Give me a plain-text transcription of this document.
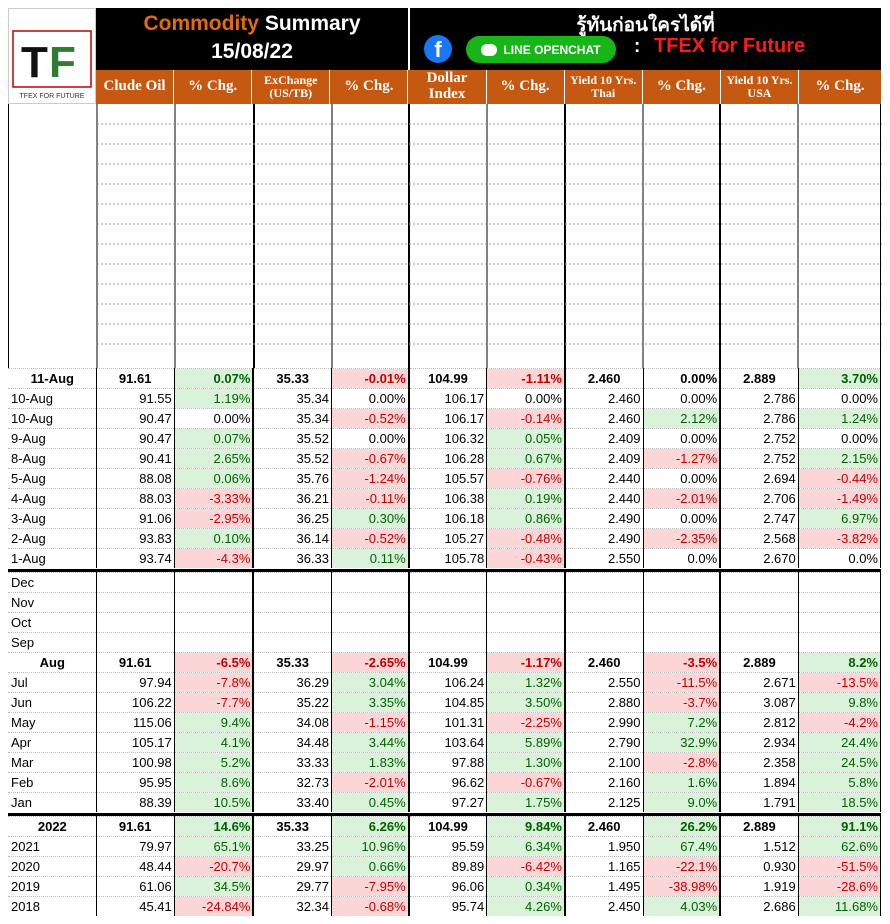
T F
TFEX FOR FUTURE
Commodity Summary
15/08/22
รู้ทันก่อนใครได้ที่
f	LINE OPENCHAT : TFEX for Future
Clude Oil	% Chg.	ExChange (US/TB)	% Chg.	Dollar Index	% Chg.	Yield 10 Yrs. Thai	% Chg.	Yield 10 Yrs. USA	% Chg.
11-Aug	91.61	0.07%	35.33	-0.01%	104.99	-1.11%	2.460	0.00%	2.889	3.70%
10-Aug	91.55	1.19%	35.34	0.00%	106.17	0.00%	2.460	0.00%	2.786	0.00%
10-Aug	90.47	0.00%	35.34	-0.52%	106.17	-0.14%	2.460	2.12%	2.786	1.24%
9-Aug	90.47	0.07%	35.52	0.00%	106.32	0.05%	2.409	0.00%	2.752	0.00%
8-Aug	90.41	2.65%	35.52	-0.67%	106.28	0.67%	2.409	-1.27%	2.752	2.15%
5-Aug	88.08	0.06%	35.76	-1.24%	105.57	-0.76%	2.440	0.00%	2.694	-0.44%
4-Aug	88.03	-3.33%	36.21	-0.11%	106.38	0.19%	2.440	-2.01%	2.706	-1.49%
3-Aug	91.06	-2.95%	36.25	0.30%	106.18	0.86%	2.490	0.00%	2.747	6.97%
2-Aug	93.83	0.10%	36.14	-0.52%	105.27	-0.48%	2.490	-2.35%	2.568	-3.82%
1-Aug	93.74	-4.3%	36.33	0.11%	105.78	-0.43%	2.550	0.0%	2.670	0.0%
Dec										
Nov										
Oct										
Sep										
Aug	91.61	-6.5%	35.33	-2.65%	104.99	-1.17%	2.460	-3.5%	2.889	8.2%
Jul	97.94	-7.8%	36.29	3.04%	106.24	1.32%	2.550	-11.5%	2.671	-13.5%
Jun	106.22	-7.7%	35.22	3.35%	104.85	3.50%	2.880	-3.7%	3.087	9.8%
May	115.06	9.4%	34.08	-1.15%	101.31	-2.25%	2.990	7.2%	2.812	-4.2%
Apr	105.17	4.1%	34.48	3.44%	103.64	5.89%	2.790	32.9%	2.934	24.4%
Mar	100.98	5.2%	33.33	1.83%	97.88	1.30%	2.100	-2.8%	2.358	24.5%
Feb	95.95	8.6%	32.73	-2.01%	96.62	-0.67%	2.160	1.6%	1.894	5.8%
Jan	88.39	10.5%	33.40	0.45%	97.27	1.75%	2.125	9.0%	1.791	18.5%
2022	91.61	14.6%	35.33	6.26%	104.99	9.84%	2.460	26.2%	2.889	91.1%
2021	79.97	65.1%	33.25	10.96%	95.59	6.34%	1.950	67.4%	1.512	62.6%
2020	48.44	-20.7%	29.97	0.66%	89.89	-6.42%	1.165	-22.1%	0.930	-51.5%
2019	61.06	34.5%	29.77	-7.95%	96.06	0.34%	1.495	-38.98%	1.919	-28.6%
2018	45.41	-24.84%	32.34	-0.68%	95.74	4.26%	2.450	4.03%	2.686	11.68%
